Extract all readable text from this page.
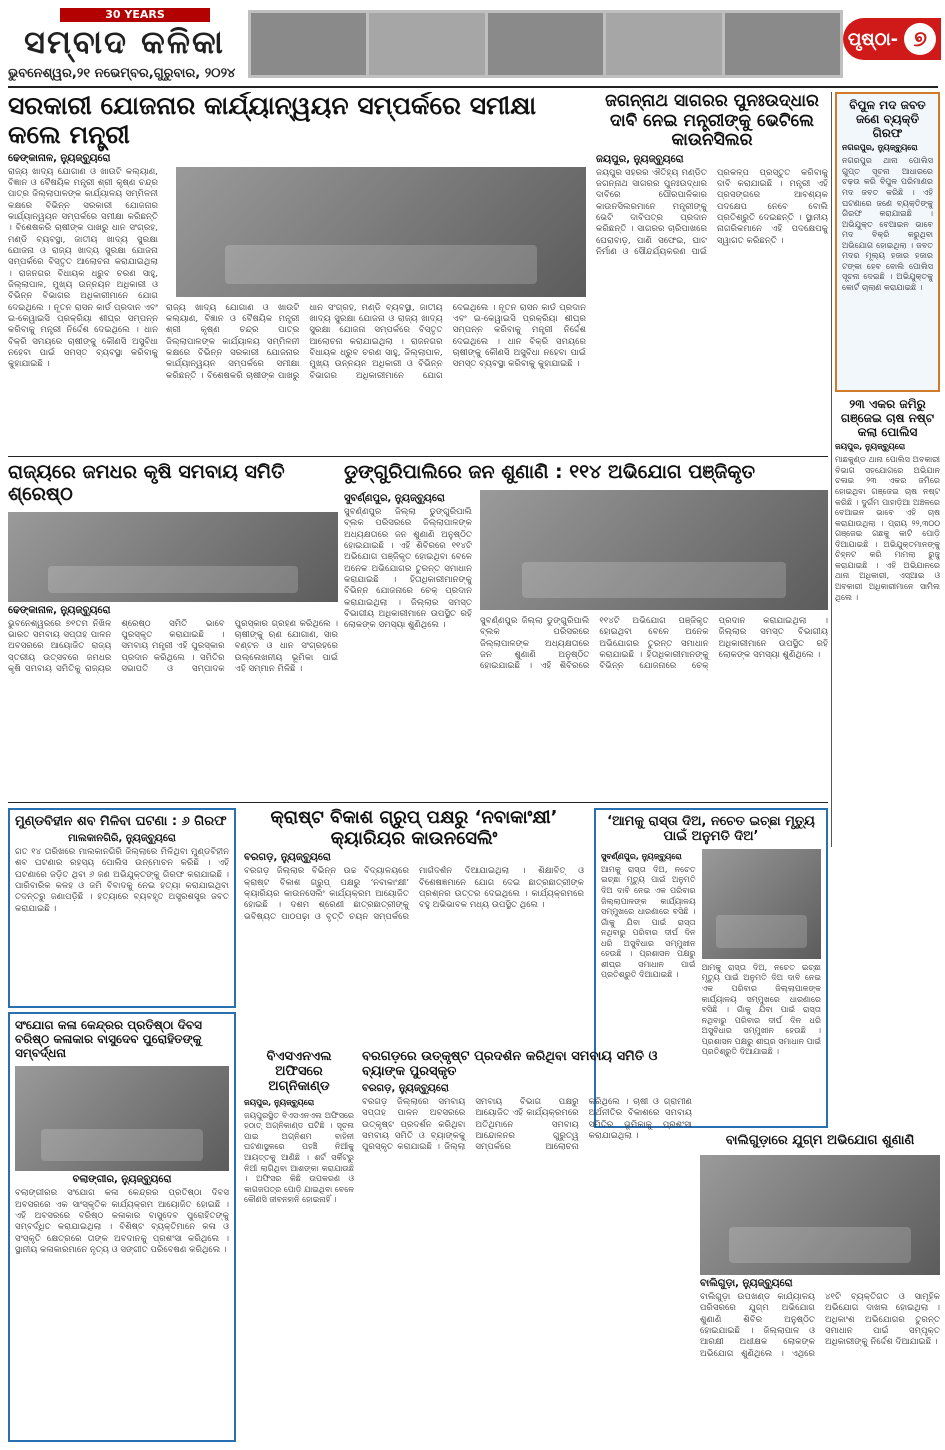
30 YEARS
ସମ୍ବାଦ କଳିକା
ଭୁବନେଶ୍ୱର,୨୧ ନଭେମ୍ବର,ଗୁରୁବାର, ୨୦୨୪
ପୃଷ୍ଠା- ୭
ସରକାରୀ ଯୋଜନାର କାର୍ଯ୍ୟାନ୍ୱୟନ ସମ୍ପର୍କରେ ସମୀକ୍ଷା କଲେ ମନ୍ତ୍ରୀ
ଢେଙ୍କାନାଳ, ନ୍ୟୁଜ୍‌ବ୍ୟୁରୋ
ରାଜ୍ୟ ଖାଦ୍ୟ ଯୋଗାଣ ଓ ଖାଉଟି କଲ୍ୟାଣ, ବିଜ୍ଞାନ ଓ ବୈଷୟିକ ମନ୍ତ୍ରୀ ଶ୍ରୀ କୃଷ୍ଣ ଚନ୍ଦ୍ର ପାତ୍ର ଜିଲ୍ଲାପାଳଙ୍କ କାର୍ଯ୍ୟାଳୟ ସମ୍ମିଳନୀ କକ୍ଷରେ ବିଭିନ୍ନ ସରକାରୀ ଯୋଜନାର କାର୍ଯ୍ୟାନ୍ୱୟନ ସମ୍ପର୍କରେ ସମୀକ୍ଷା କରିଛନ୍ତି । ବିଶେଷକରି ଚାଷୀଙ୍କ ପାଖରୁ ଧାନ ସଂଗ୍ରହ, ମଣ୍ଡି ବ୍ୟବସ୍ଥା, ଜାତୀୟ ଖାଦ୍ୟ ସୁରକ୍ଷା ଯୋଜନା ଓ ରାଜ୍ୟ ଖାଦ୍ୟ ସୁରକ୍ଷା ଯୋଜନା ସମ୍ପର୍କରେ ବିସ୍ତୃତ ଆଲୋଚନା କରାଯାଇଥିଲା । ରାଜନଗର ବିଧାୟକ ଧ୍ରୁବ ଚରଣ ସାହୁ, ଜିଲ୍ଲାପାଳ, ମୁଖ୍ୟ ଉନ୍ନୟନ ଅଧିକାରୀ ଓ ବିଭିନ୍ନ ବିଭାଗର ଅଧିକାରୀମାନେ ଯୋଗ ଦେଇଥିଲେ । ନୂତନ ରାସନ କାର୍ଡ ପ୍ରଦାନ ଏବଂ ଇ-କେୱାଇସି ପ୍ରକ୍ରିୟା ଶୀଘ୍ର ସମ୍ପନ୍ନ କରିବାକୁ ମନ୍ତ୍ରୀ ନିର୍ଦ୍ଦେଶ ଦେଇଥିଲେ । ଧାନ ବିକ୍ରି ସମୟରେ ଚାଷୀଙ୍କୁ କୌଣସି ଅସୁବିଧା ନହେବା ପାଇଁ ସମସ୍ତ ବ୍ୟବସ୍ଥା କରିବାକୁ କୁହାଯାଇଛି ।
ରାଜ୍ୟ ଖାଦ୍ୟ ଯୋଗାଣ ଓ ଖାଉଟି କଲ୍ୟାଣ, ବିଜ୍ଞାନ ଓ ବୈଷୟିକ ମନ୍ତ୍ରୀ ଶ୍ରୀ କୃଷ୍ଣ ଚନ୍ଦ୍ର ପାତ୍ର ଜିଲ୍ଲାପାଳଙ୍କ କାର୍ଯ୍ୟାଳୟ ସମ୍ମିଳନୀ କକ୍ଷରେ ବିଭିନ୍ନ ସରକାରୀ ଯୋଜନାର କାର୍ଯ୍ୟାନ୍ୱୟନ ସମ୍ପର୍କରେ ସମୀକ୍ଷା କରିଛନ୍ତି । ବିଶେଷକରି ଚାଷୀଙ୍କ ପାଖରୁ ଧାନ ସଂଗ୍ରହ, ମଣ୍ଡି ବ୍ୟବସ୍ଥା, ଜାତୀୟ ଖାଦ୍ୟ ସୁରକ୍ଷା ଯୋଜନା ଓ ରାଜ୍ୟ ଖାଦ୍ୟ ସୁରକ୍ଷା ଯୋଜନା ସମ୍ପର୍କରେ ବିସ୍ତୃତ ଆଲୋଚନା କରାଯାଇଥିଲା । ରାଜନଗର ବିଧାୟକ ଧ୍ରୁବ ଚରଣ ସାହୁ, ଜିଲ୍ଲାପାଳ, ମୁଖ୍ୟ ଉନ୍ନୟନ ଅଧିକାରୀ ଓ ବିଭିନ୍ନ ବିଭାଗର ଅଧିକାରୀମାନେ ଯୋଗ ଦେଇଥିଲେ । ନୂତନ ରାସନ କାର୍ଡ ପ୍ରଦାନ ଏବଂ ଇ-କେୱାଇସି ପ୍ରକ୍ରିୟା ଶୀଘ୍ର ସମ୍ପନ୍ନ କରିବାକୁ ମନ୍ତ୍ରୀ ନିର୍ଦ୍ଦେଶ ଦେଇଥିଲେ । ଧାନ ବିକ୍ରି ସମୟରେ ଚାଷୀଙ୍କୁ କୌଣସି ଅସୁବିଧା ନହେବା ପାଇଁ ସମସ୍ତ ବ୍ୟବସ୍ଥା କରିବାକୁ କୁହାଯାଇଛି ।
ଜଗନ୍ନାଥ ସାଗରର ପୁନଃଉଦ୍ଧାର ଦାବି ନେଇ ମନ୍ତ୍ରୀଙ୍କୁ ଭେଟିଲେ କାଉନସିଲର
ଜୟପୁର, ନ୍ୟୁଜ୍‌ବ୍ୟୁରୋ
ଜୟପୁର ସହରର ଐତିହ୍ୟ ମଣ୍ଡିତ ଜଗନ୍ନାଥ ସାଗରର ପୁନଃଉଦ୍ଧାର ଦାବିରେ ପୌରପାଳିକାର କାଉନସିଲରମାନେ ମନ୍ତ୍ରୀଙ୍କୁ ଭେଟି ଦାବିପତ୍ର ପ୍ରଦାନ କରିଛନ୍ତି । ସାଗରର ଚାରିପାଖରେ ଘେରାବାଡ଼, ପାଣି ସଫେଇ, ଘାଟ ନିର୍ମାଣ ଓ ସୌନ୍ଦର୍ଯ୍ୟକରଣ ପାଇଁ ପ୍ରକଳ୍ପ ପ୍ରସ୍ତୁତ କରିବାକୁ ଦାବି କରାଯାଇଛି । ମନ୍ତ୍ରୀ ଏହି ପ୍ରସଙ୍ଗରେ ଆବଶ୍ୟକ ପଦକ୍ଷେପ ନେବେ ବୋଲି ପ୍ରତିଶ୍ରୁତି ଦେଇଛନ୍ତି । ସ୍ଥାନୀୟ ନାଗରିକମାନେ ଏହି ପଦକ୍ଷେପକୁ ସ୍ୱାଗତ କରିଛନ୍ତି ।
ବିପୁଳ ମଦ ଜବତ ଜଣେ ବ୍ୟକ୍ତି ଗିରଫ
ନଗରପୁର, ନ୍ୟୁଜ୍‌ବ୍ୟୁରୋ
ନଗରପୁର ଥାନା ପୋଲିସ ଗୁପ୍ତ ସୂଚନା ଆଧାରରେ ଚଢ଼ଉ କରି ବିପୁଳ ପରିମାଣର ମଦ ଜବତ କରିଛି । ଏହି ଘଟଣାରେ ଜଣେ ବ୍ୟକ୍ତିଙ୍କୁ ଗିରଫ କରାଯାଇଛି । ଅଭିଯୁକ୍ତ ବେଆଇନ ଭାବେ ମଦ ବିକ୍ରି କରୁଥିବା ଅଭିଯୋଗ ହୋଇଥିଲା । ଜବତ ମଦର ମୂଲ୍ୟ ହଜାର ହଜାର ଟଙ୍କା ହେବ ବୋଲି ପୋଲିସ ସୂଚନା ଦେଇଛି । ଅଭିଯୁକ୍ତକୁ କୋର୍ଟ ଚାଲାଣ କରାଯାଇଛି ।
୨୩ ଏକର ଜମିରୁ ଗଞ୍ଜେଇ ଚାଷ ନଷ୍ଟ କଲା ପୋଲିସ
ଜୟପୁର, ନ୍ୟୁଜ୍‌ବ୍ୟୁରୋ
ମାଛକୁଣ୍ଡ ଥାନା ପୋଲିସ ଅବକାରୀ ବିଭାଗ ସହଯୋଗରେ ଅଭିଯାନ ଚଳାଇ ୨୩ ଏକର ଜମିରେ ହୋଇଥିବା ଗଞ୍ଜେଇ ଚାଷ ନଷ୍ଟ କରିଛି । ଦୁର୍ଗମ ପାହାଡ଼ିଆ ଅଞ୍ଚଳରେ ବେଆଇନ ଭାବେ ଏହି ଚାଷ କରାଯାଉଥିଲା । ପ୍ରାୟ ୨୨,୩୦୦ ଗଞ୍ଜେଇ ଗଛକୁ କାଟି ପୋଡ଼ି ଦିଆଯାଇଛି । ଅଭିଯୁକ୍ତମାନଙ୍କୁ ଚିହ୍ନଟ କରି ମାମଲା ରୁଜୁ କରାଯାଇଛି । ଏହି ଅଭିଯାନରେ ଥାନା ଅଧିକାରୀ, ଏସ୍‌ଆଇ ଓ ଅବକାରୀ ଅଧିକାରୀମାନେ ସାମିଲ ଥିଲେ ।
ରାଜ୍ୟରେ ଜମଧର କୃଷି ସମବାୟ ସମିତି ଶ୍ରେଷ୍ଠ
ଢେଙ୍କାନାଳ, ନ୍ୟୁଜ୍‌ବ୍ୟୁରୋ
ଭୁବନେଶ୍ୱରରେ ୭୧ତମ ନିଖିଳ ଭାରତ ସମବାୟ ସପ୍ତାହ ପାଳନ ଅବସରରେ ଆୟୋଜିତ ରାଜ୍ୟ ସ୍ତରୀୟ ଉତ୍ସବରେ ଜମଧର କୃଷି ସମବାୟ ସମିତିକୁ ରାଜ୍ୟର ଶ୍ରେଷ୍ଠ ସମିତି ଭାବେ ପୁରସ୍କୃତ କରାଯାଇଛି । ସମବାୟ ମନ୍ତ୍ରୀ ଏହି ପୁରସ୍କାର ପ୍ରଦାନ କରିଥିଲେ । ସମିତିର ସଭାପତି ଓ ସମ୍ପାଦକ ପୁରସ୍କାର ଗ୍ରହଣ କରିଥିଲେ । ଚାଷୀଙ୍କୁ ଋଣ ଯୋଗାଣ, ସାର ବଣ୍ଟନ ଓ ଧାନ ସଂଗ୍ରହରେ ଉଲ୍ଲେଖନୀୟ ଭୂମିକା ପାଇଁ ଏହି ସମ୍ମାନ ମିଳିଛି ।
ଡୁଙ୍ଗୁରିପାଲିରେ ଜନ ଶୁଣାଣି : ୧୧୪ ଅଭିଯୋଗ ପଞ୍ଜିକୃତ
ସୁବର୍ଣ୍ଣପୁର, ନ୍ୟୁଜ୍‌ବ୍ୟୁରୋ
ସୁବର୍ଣ୍ଣପୁର ଜିଲ୍ଲା ଡୁଙ୍ଗୁରିପାଲି ବ୍ଲକ ପରିସରରେ ଜିଲ୍ଲାପାଳଙ୍କ ଅଧ୍ୟକ୍ଷତାରେ ଜନ ଶୁଣାଣି ଅନୁଷ୍ଠିତ ହୋଇଯାଇଛି । ଏହି ଶିବିରରେ ୧୧୪ଟି ଅଭିଯୋଗ ପଞ୍ଜିକୃତ ହୋଇଥିବା ବେଳେ ଅନେକ ଅଭିଯୋଗର ତୁରନ୍ତ ସମାଧାନ କରାଯାଇଛି । ହିତାଧିକାରୀମାନଙ୍କୁ ବିଭିନ୍ନ ଯୋଜନାରେ ଚେକ୍ ପ୍ରଦାନ କରାଯାଇଥିଲା । ଜିଲ୍ଲାର ସମସ୍ତ ବିଭାଗୀୟ ଅଧିକାରୀମାନେ ଉପସ୍ଥିତ ରହି ଲୋକଙ୍କ ସମସ୍ୟା ଶୁଣିଥିଲେ ।	ସୁବର୍ଣ୍ଣପୁର ଜିଲ୍ଲା ଡୁଙ୍ଗୁରିପାଲି ବ୍ଲକ ପରିସରରେ ଜିଲ୍ଲାପାଳଙ୍କ ଅଧ୍ୟକ୍ଷତାରେ ଜନ ଶୁଣାଣି ଅନୁଷ୍ଠିତ ହୋଇଯାଇଛି । ଏହି ଶିବିରରେ ୧୧୪ଟି ଅଭିଯୋଗ ପଞ୍ଜିକୃତ ହୋଇଥିବା ବେଳେ ଅନେକ ଅଭିଯୋଗର ତୁରନ୍ତ ସମାଧାନ କରାଯାଇଛି । ହିତାଧିକାରୀମାନଙ୍କୁ ବିଭିନ୍ନ ଯୋଜନାରେ ଚେକ୍ ପ୍ରଦାନ କରାଯାଇଥିଲା । ଜିଲ୍ଲାର ସମସ୍ତ ବିଭାଗୀୟ ଅଧିକାରୀମାନେ ଉପସ୍ଥିତ ରହି ଲୋକଙ୍କ ସମସ୍ୟା ଶୁଣିଥିଲେ ।
ମୁଣ୍ଡବିହୀନ ଶବ ମିଳିବା ଘଟଣା : ୬ ଗିରଫ
ମାଲକାନଗିରି, ନ୍ୟୁଜ୍‌ବ୍ୟୁରୋ
ଗତ ୧୪ ତାରିଖରେ ମାଲକାନଗିରି ଜିଲ୍ଲାରେ ମିଳିଥିବା ମୁଣ୍ଡବିହୀନ ଶବ ଘଟଣାର ରହସ୍ୟ ପୋଲିସ ଉନ୍ମୋଚନ କରିଛି । ଏହି ଘଟଣାରେ ଜଡ଼ିତ ଥିବା ୬ ଜଣ ଅଭିଯୁକ୍ତଙ୍କୁ ଗିରଫ କରାଯାଇଛି । ପାରିବାରିକ କଳହ ଓ ଜମି ବିବାଦକୁ ନେଇ ହତ୍ୟା କରାଯାଇଥିବା ତଦନ୍ତରୁ ଜଣାପଡ଼ିଛି । ହତ୍ୟାରେ ବ୍ୟବହୃତ ଅସ୍ତ୍ରଶସ୍ତ୍ର ଜବତ କରାଯାଇଛି ।
ସଂଯୋଗ କଳା କେନ୍ଦ୍ରର ପ୍ରତିଷ୍ଠା ଦିବସ ବରିଷ୍ଠ କଳାକାର ବାସୁଦେବ ପୁରୋହିତଙ୍କୁ ସମ୍ବର୍ଦ୍ଧନା
ବଲାଙ୍ଗୀର, ନ୍ୟୁଜ୍‌ବ୍ୟୁରୋ
ବଲାଙ୍ଗୀରର ସଂଯୋଗ କଳା କେନ୍ଦ୍ରର ପ୍ରତିଷ୍ଠା ଦିବସ ଅବସରରେ ଏକ ସାଂସ୍କୃତିକ କାର୍ଯ୍ୟକ୍ରମ ଆୟୋଜିତ ହୋଇଛି । ଏହି ଅବସରରେ ବରିଷ୍ଠ କଳାକାର ବାସୁଦେବ ପୁରୋହିତଙ୍କୁ ସମ୍ବର୍ଦ୍ଧିତ କରାଯାଇଥିଲା । ବିଶିଷ୍ଟ ବ୍ୟକ୍ତିମାନେ କଳା ଓ ସଂସ୍କୃତି କ୍ଷେତ୍ରରେ ତାଙ୍କ ଅବଦାନକୁ ପ୍ରଶଂସା କରିଥିଲେ । ସ୍ଥାନୀୟ କଳାକାରମାନେ ନୃତ୍ୟ ଓ ସଙ୍ଗୀତ ପରିବେଷଣ କରିଥିଲେ ।
କ୍ରାଷ୍ଟ ବିକାଶ ଗ୍ରୁପ୍ ପକ୍ଷରୁ ‘ନବାକାଂକ୍ଷୀ’ କ୍ୟାରିୟର କାଉନସେଲିଂ
ବରଗଡ଼, ନ୍ୟୁଜ୍‌ବ୍ୟୁରୋ
ବରଗଡ଼ ଜିଲ୍ଲାର ବିଭିନ୍ନ ଉଚ୍ଚ ବିଦ୍ୟାଳୟରେ କ୍ରାଷ୍ଟ ବିକାଶ ଗ୍ରୁପ୍ ପକ୍ଷରୁ ‘ନବାକାଂକ୍ଷୀ’ କ୍ୟାରିୟର କାଉନସେଲିଂ କାର୍ଯ୍ୟକ୍ରମ ଆୟୋଜିତ ହୋଇଛି । ଦଶମ ଶ୍ରେଣୀ ଛାତ୍ରଛାତ୍ରୀଙ୍କୁ ଭବିଷ୍ୟତ ପାଠପଢ଼ା ଓ ବୃତ୍ତି ଚୟନ ସମ୍ପର୍କରେ ମାର୍ଗଦର୍ଶନ ଦିଆଯାଇଥିଲା । ଶିକ୍ଷାବିତ୍ ଓ ବିଶେଷଜ୍ଞମାନେ ଯୋଗ ଦେଇ ଛାତ୍ରଛାତ୍ରୀଙ୍କ ପ୍ରଶ୍ନର ଉତ୍ତର ଦେଇଥିଲେ । କାର୍ଯ୍ୟକ୍ରମରେ ବହୁ ଅଭିଭାବକ ମଧ୍ୟ ଉପସ୍ଥିତ ଥିଲେ ।
‘ଆମକୁ ରାସ୍ତା ଦିଅ, ନଚେତ ଇଚ୍ଛା ମୃତ୍ୟୁ ପାଇଁ ଅନୁମତି ଦିଅ’
ସୁବର୍ଣ୍ଣପୁର, ନ୍ୟୁଜ୍‌ବ୍ୟୁରୋ
ଆମକୁ ରାସ୍ତା ଦିଅ, ନଚେତ ଇଚ୍ଛା ମୃତ୍ୟୁ ପାଇଁ ଅନୁମତି ଦିଅ ଦାବି ନେଇ ଏକ ପରିବାର ଜିଲ୍ଲାପାଳଙ୍କ କାର୍ଯ୍ୟାଳୟ ସମ୍ମୁଖରେ ଧାରଣାରେ ବସିଛି । ଗାଁକୁ ଯିବା ପାଇଁ ରାସ୍ତା ନଥିବାରୁ ପରିବାର ଦୀର୍ଘ ଦିନ ଧରି ଅସୁବିଧାର ସମ୍ମୁଖୀନ ହେଉଛି । ପ୍ରଶାସନ ପକ୍ଷରୁ ଶୀଘ୍ର ସମାଧାନ ପାଇଁ ପ୍ରତିଶ୍ରୁତି ଦିଆଯାଇଛି ।
ଆମକୁ ରାସ୍ତା ଦିଅ, ନଚେତ ଇଚ୍ଛା ମୃତ୍ୟୁ ପାଇଁ ଅନୁମତି ଦିଅ ଦାବି ନେଇ ଏକ ପରିବାର ଜିଲ୍ଲାପାଳଙ୍କ କାର୍ଯ୍ୟାଳୟ ସମ୍ମୁଖରେ ଧାରଣାରେ ବସିଛି । ଗାଁକୁ ଯିବା ପାଇଁ ରାସ୍ତା ନଥିବାରୁ ପରିବାର ଦୀର୍ଘ ଦିନ ଧରି ଅସୁବିଧାର ସମ୍ମୁଖୀନ ହେଉଛି । ପ୍ରଶାସନ ପକ୍ଷରୁ ଶୀଘ୍ର ସମାଧାନ ପାଇଁ ପ୍ରତିଶ୍ରୁତି ଦିଆଯାଇଛି ।
ବିଏସଏନଏଲ ଅଫିସରେ ଅଗ୍ନିକାଣ୍ଡ
ଜୟପୁର, ନ୍ୟୁଜ୍‌ବ୍ୟୁରୋ
ଜୟପୁରସ୍ଥିତ ବିଏସଏନଏଲ ଅଫିସରେ ହଠାତ୍ ଅଗ୍ନିକାଣ୍ଡ ଘଟିଛି । ସୂଚନା ପାଇ ଅଗ୍ନିଶମ ବାହିନୀ ଘଟଣାସ୍ଥଳରେ ପହଞ୍ଚି ନିଆଁକୁ ଆୟତ୍ତକୁ ଆଣିଛି । ଶର୍ଟ ସର୍କିଟରୁ ନିଆଁ ଲାଗିଥିବା ଆଶଙ୍କା କରାଯାଉଛି । ଅଫିସର କିଛି ଉପକରଣ ଓ କାଗଜପତ୍ର ପୋଡ଼ି ଯାଇଥିବା ବେଳେ କୌଣସି ଜୀବନହାନି ହୋଇନାହିଁ ।
ବରଗଡ଼ରେ ଉତ୍କୃଷ୍ଟ ପ୍ରଦର୍ଶନ କରିଥିବା ସମବାୟ ସମିତି ଓ ବ୍ୟାଙ୍କ ପୁରସ୍କୃତ
ବରଗଡ଼, ନ୍ୟୁଜ୍‌ବ୍ୟୁରୋ
ବରଗଡ଼ ଜିଲ୍ଲାରେ ସମବାୟ ସପ୍ତାହ ପାଳନ ଅବସରରେ ଉତ୍କୃଷ୍ଟ ପ୍ରଦର୍ଶନ କରିଥିବା ସମବାୟ ସମିତି ଓ ବ୍ୟାଙ୍କକୁ ପୁରସ୍କୃତ କରାଯାଇଛି । ଜିଲ୍ଲା ସମବାୟ ବିଭାଗ ପକ୍ଷରୁ ଆୟୋଜିତ ଏହି କାର୍ଯ୍ୟକ୍ରମରେ ଅତିଥିମାନେ ସମବାୟ ଆନ୍ଦୋଳନର ଗୁରୁତ୍ୱ ସମ୍ପର୍କରେ ଆଲୋଚନା କରିଥିଲେ । ଚାଷୀ ଓ ଗ୍ରାମୀଣ ଅର୍ଥନୀତିର ବିକାଶରେ ସମବାୟ ସମିତିର ଭୂମିକାକୁ ପ୍ରଶଂସା କରାଯାଇଥିଲା ।	ବାଲିଗୁଡ଼ାରେ ଯୁଗ୍ମ ଅଭିଯୋଗ ଶୁଣାଣି
ବାଲିଗୁଡ଼ା, ନ୍ୟୁଜ୍‌ବ୍ୟୁରୋ
ବାଲିଗୁଡ଼ା ଉପଖଣ୍ଡ କାର୍ଯ୍ୟାଳୟ ପରିସରରେ ଯୁଗ୍ମ ଅଭିଯୋଗ ଶୁଣାଣି ଶିବିର ଅନୁଷ୍ଠିତ ହୋଇଯାଇଛି । ଜିଲ୍ଲାପାଳ ଓ ଆରକ୍ଷୀ ଅଧୀକ୍ଷକ ଲୋକଙ୍କ ଅଭିଯୋଗ ଶୁଣିଥିଲେ । ଏଥିରେ ୪୧ଟି ବ୍ୟକ୍ତିଗତ ଓ ସାମୂହିକ ଅଭିଯୋଗ ଦାଖଲ ହୋଇଥିଲା । ଅଧିକାଂଶ ଅଭିଯୋଗର ତୁରନ୍ତ ସମାଧାନ ପାଇଁ ସମ୍ପୃକ୍ତ ଅଧିକାରୀଙ୍କୁ ନିର୍ଦ୍ଦେଶ ଦିଆଯାଇଛି ।
